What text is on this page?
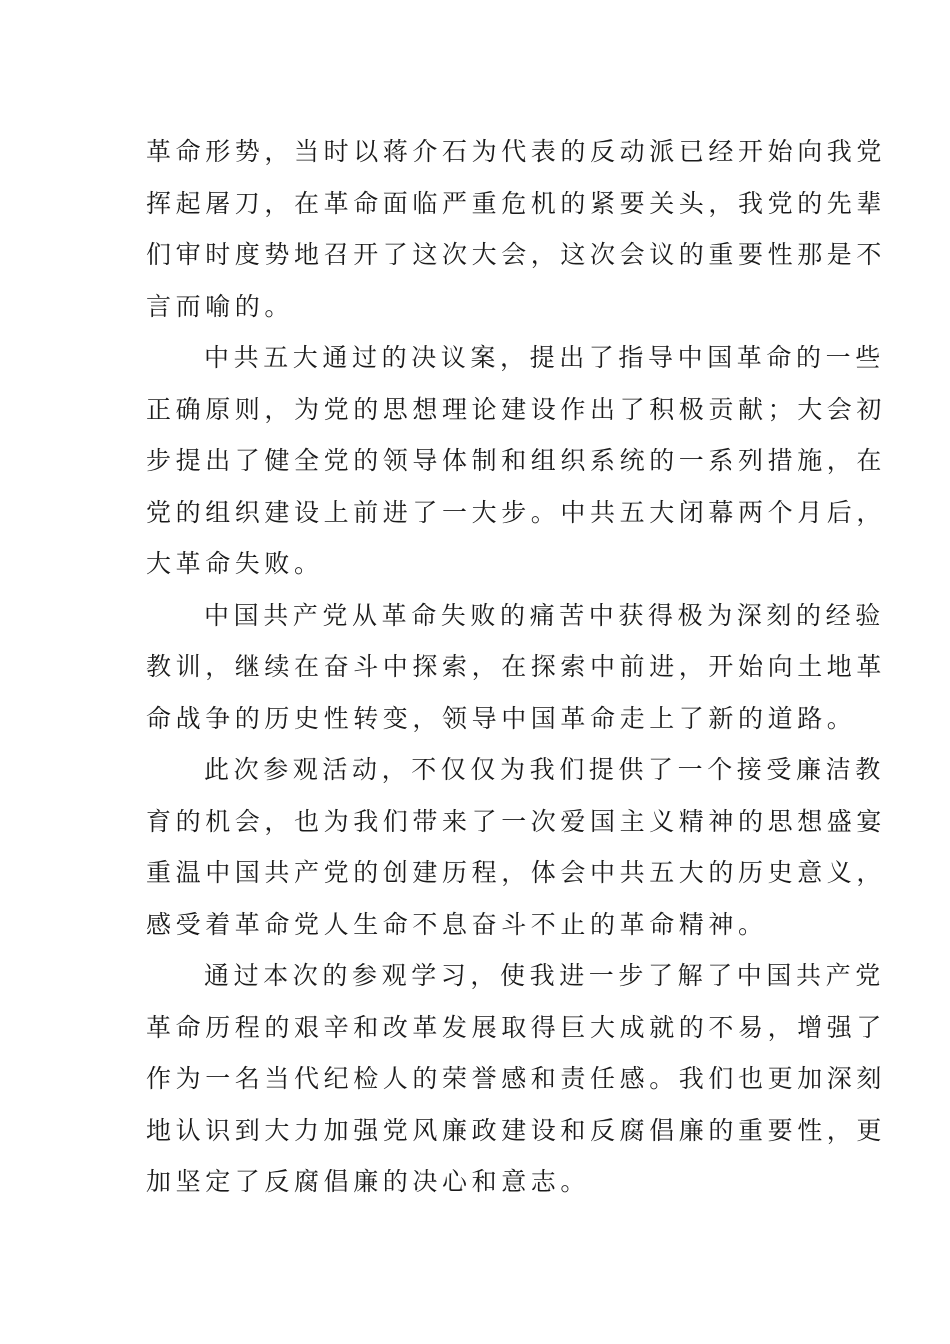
革命形势，当时以蒋介石为代表的反动派已经开始向我党
挥起屠刀，在革命面临严重危机的紧要关头，我党的先辈
们审时度势地召开了这次大会，这次会议的重要性那是不
言而喻的。
中共五大通过的决议案，提出了指导中国革命的一些
正确原则，为党的思想理论建设作出了积极贡献；大会初
步提出了健全党的领导体制和组织系统的一系列措施，在
党的组织建设上前进了一大步。中共五大闭幕两个月后，
大革命失败。
中国共产党从革命失败的痛苦中获得极为深刻的经验
教训，继续在奋斗中探索，在探索中前进，开始向土地革
命战争的历史性转变，领导中国革命走上了新的道路。
此次参观活动，不仅仅为我们提供了一个接受廉洁教
育的机会，也为我们带来了一次爱国主义精神的思想盛宴
重温中国共产党的创建历程，体会中共五大的历史意义，
感受着革命党人生命不息奋斗不止的革命精神。
通过本次的参观学习，使我进一步了解了中国共产党
革命历程的艰辛和改革发展取得巨大成就的不易，增强了
作为一名当代纪检人的荣誉感和责任感。我们也更加深刻
地认识到大力加强党风廉政建设和反腐倡廉的重要性，更
加坚定了反腐倡廉的决心和意志。
